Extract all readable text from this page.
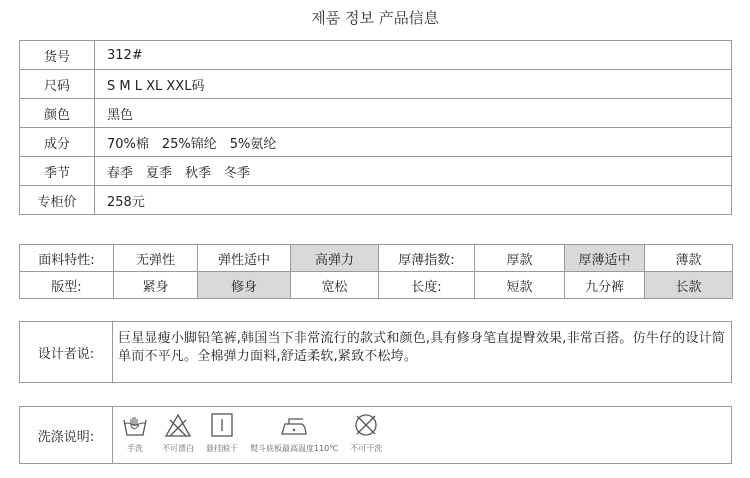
제품 정보 产品信息
货号	312#
尺码	S M L XL XXL码
颜色	黑色
成分	70%棉　25%锦纶　5%氨纶
季节	春季　夏季　秋季　冬季
专柜价	258元
面料特性:	无弹性	弹性适中	高弹力	厚薄指数:	厚款	厚薄适中	薄款
版型:	紧身	修身	宽松	长度:	短款	九分裤	长款
设计者说:
巨星显瘦小脚铅笔裤,韩国当下非常流行的款式和颜色,具有修身笔直提臀效果,非常百搭。仿牛仔的设计简单而不平凡。全棉弹力面料,舒适柔软,紧致不松垮。
洗涤说明:
手洗 不可漂白 悬挂晾干 熨斗底板最高温度110℃ 不可干洗
